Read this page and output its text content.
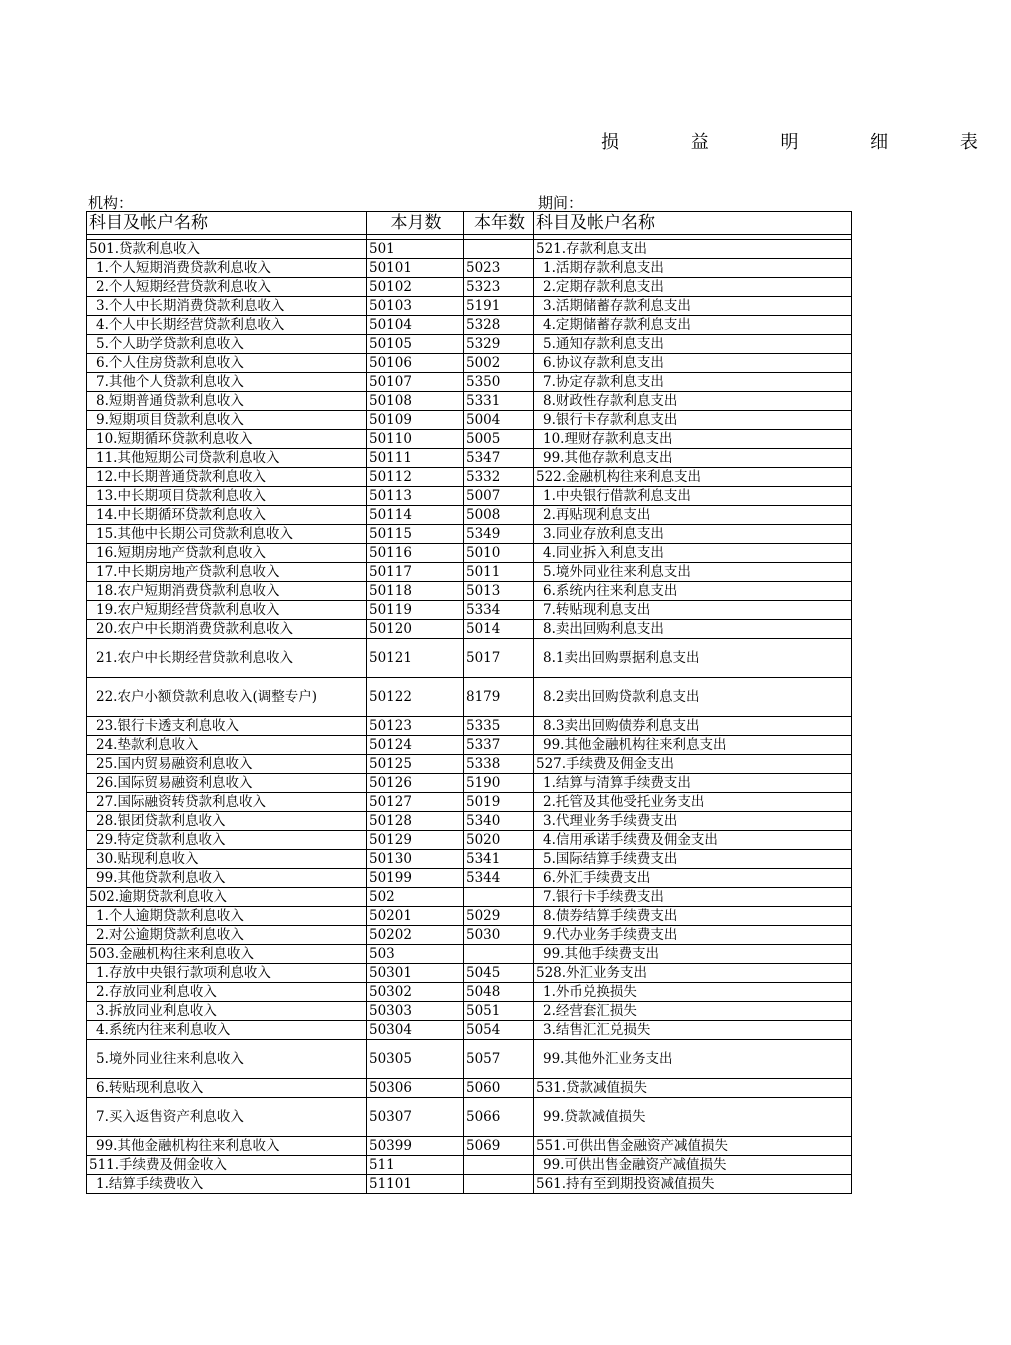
损 益 明 细 表
机构：	期间：
科目及帐户名称	本月数	本年数	科目及帐户名称

501.贷款利息收入	501		521.存款利息支出
1.个人短期消费贷款利息收入	50101	5023	1.活期存款利息支出
2.个人短期经营贷款利息收入	50102	5323	2.定期存款利息支出
3.个人中长期消费贷款利息收入	50103	5191	3.活期储蓄存款利息支出
4.个人中长期经营贷款利息收入	50104	5328	4.定期储蓄存款利息支出
5.个人助学贷款利息收入	50105	5329	5.通知存款利息支出
6.个人住房贷款利息收入	50106	5002	6.协议存款利息支出
7.其他个人贷款利息收入	50107	5350	7.协定存款利息支出
8.短期普通贷款利息收入	50108	5331	8.财政性存款利息支出
9.短期项目贷款利息收入	50109	5004	9.银行卡存款利息支出
10.短期循环贷款利息收入	50110	5005	10.理财存款利息支出
11.其他短期公司贷款利息收入	50111	5347	99.其他存款利息支出
12.中长期普通贷款利息收入	50112	5332	522.金融机构往来利息支出
13.中长期项目贷款利息收入	50113	5007	1.中央银行借款利息支出
14.中长期循环贷款利息收入	50114	5008	2.再贴现利息支出
15.其他中长期公司贷款利息收入	50115	5349	3.同业存放利息支出
16.短期房地产贷款利息收入	50116	5010	4.同业拆入利息支出
17.中长期房地产贷款利息收入	50117	5011	5.境外同业往来利息支出
18.农户短期消费贷款利息收入	50118	5013	6.系统内往来利息支出
19.农户短期经营贷款利息收入	50119	5334	7.转贴现利息支出
20.农户中长期消费贷款利息收入	50120	5014	8.卖出回购利息支出
21.农户中长期经营贷款利息收入	50121	5017	8.1卖出回购票据利息支出
22.农户小额贷款利息收入(调整专户)	50122	8179	8.2卖出回购贷款利息支出
23.银行卡透支利息收入	50123	5335	8.3卖出回购债券利息支出
24.垫款利息收入	50124	5337	99.其他金融机构往来利息支出
25.国内贸易融资利息收入	50125	5338	527.手续费及佣金支出
26.国际贸易融资利息收入	50126	5190	1.结算与清算手续费支出
27.国际融资转贷款利息收入	50127	5019	2.托管及其他受托业务支出
28.银团贷款利息收入	50128	5340	3.代理业务手续费支出
29.特定贷款利息收入	50129	5020	4.信用承诺手续费及佣金支出
30.贴现利息收入	50130	5341	5.国际结算手续费支出
99.其他贷款利息收入	50199	5344	6.外汇手续费支出
502.逾期贷款利息收入	502		7.银行卡手续费支出
1.个人逾期贷款利息收入	50201	5029	8.债券结算手续费支出
2.对公逾期贷款利息收入	50202	5030	9.代办业务手续费支出
503.金融机构往来利息收入	503		99.其他手续费支出
1.存放中央银行款项利息收入	50301	5045	528.外汇业务支出
2.存放同业利息收入	50302	5048	1.外币兑换损失
3.拆放同业利息收入	50303	5051	2.经营套汇损失
4.系统内往来利息收入	50304	5054	3.结售汇汇兑损失
5.境外同业往来利息收入	50305	5057	99.其他外汇业务支出
6.转贴现利息收入	50306	5060	531.贷款减值损失
7.买入返售资产利息收入	50307	5066	99.贷款减值损失
99.其他金融机构往来利息收入	50399	5069	551.可供出售金融资产减值损失
511.手续费及佣金收入	511		99.可供出售金融资产减值损失
1.结算手续费收入	51101		561.持有至到期投资减值损失
